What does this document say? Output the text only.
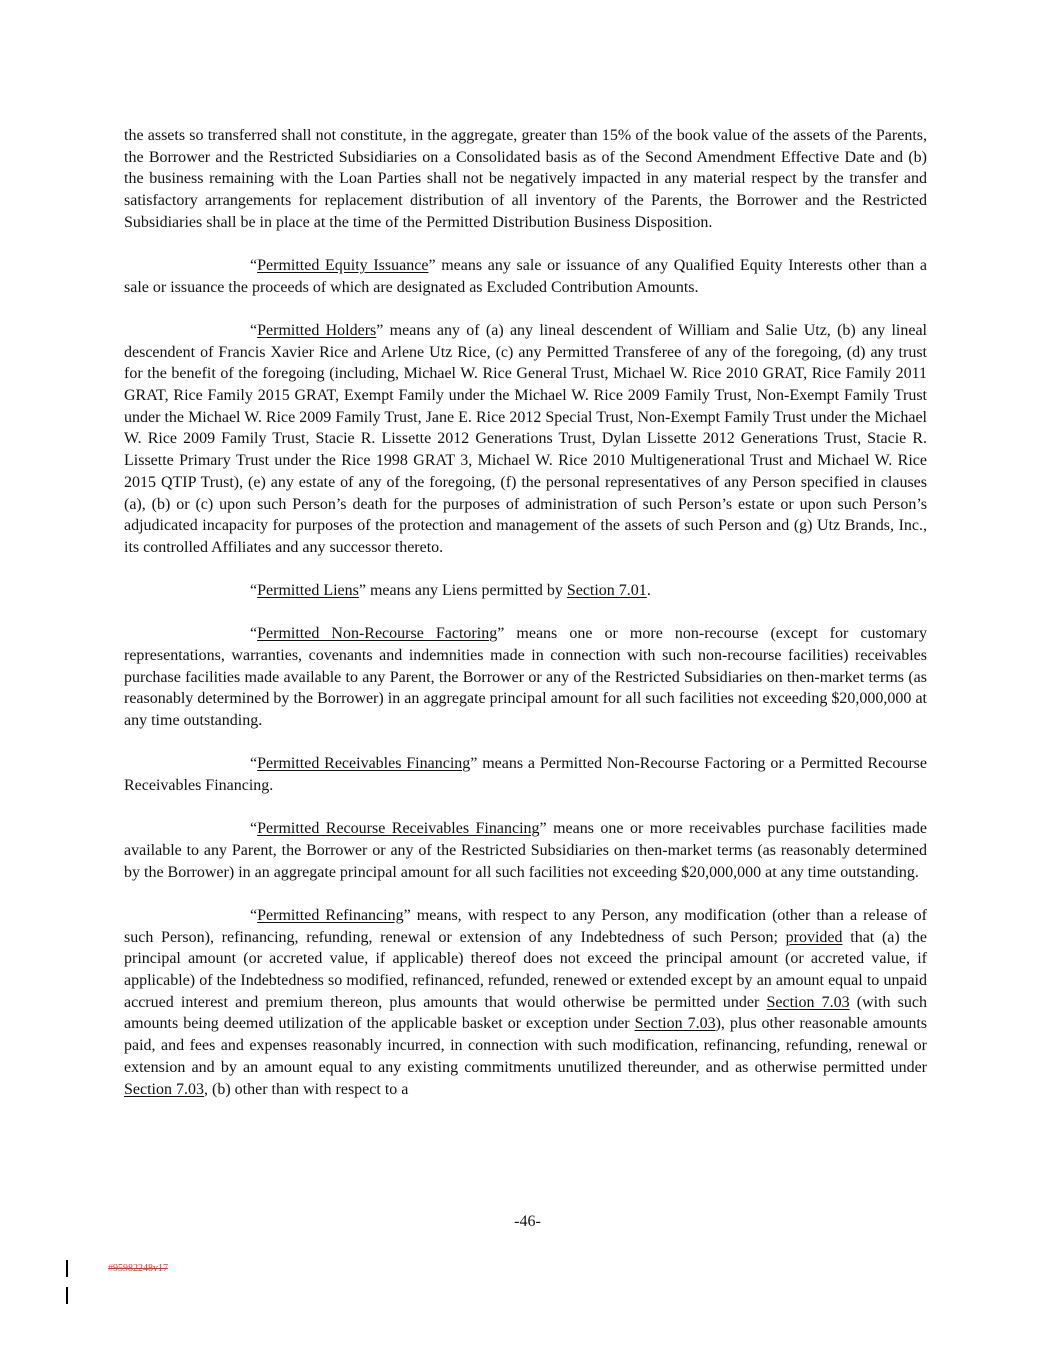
the assets so transferred shall not constitute, in the aggregate, greater than 15% of the book value of the assets of the Parents, the Borrower and the Restricted Subsidiaries on a Consolidated basis as of the Second Amendment Effective Date and (b) the business remaining with the Loan Parties shall not be negatively impacted in any material respect by the transfer and satisfactory arrangements for replacement distribution of all inventory of the Parents, the Borrower and the Restricted Subsidiaries shall be in place at the time of the Permitted Distribution Business Disposition.

“Permitted Equity Issuance” means any sale or issuance of any Qualified Equity Interests other than a sale or issuance the proceeds of which are designated as Excluded Contribution Amounts.

“Permitted Holders” means any of (a) any lineal descendent of William and Salie Utz, (b) any lineal descendent of Francis Xavier Rice and Arlene Utz Rice, (c) any Permitted Transferee of any of the foregoing, (d) any trust for the benefit of the foregoing (including, Michael W. Rice General Trust, Michael W. Rice 2010 GRAT, Rice Family 2011 GRAT, Rice Family 2015 GRAT, Exempt Family under the Michael W. Rice 2009 Family Trust, Non-Exempt Family Trust under the Michael W. Rice 2009 Family Trust, Jane E. Rice 2012 Special Trust, Non-Exempt Family Trust under the Michael W. Rice 2009 Family Trust, Stacie R. Lissette 2012 Generations Trust, Dylan Lissette 2012 Generations Trust, Stacie R. Lissette Primary Trust under the Rice 1998 GRAT 3, Michael W. Rice 2010 Multigenerational Trust and Michael W. Rice 2015 QTIP Trust), (e) any estate of any of the foregoing, (f) the personal representatives of any Person specified in clauses (a), (b) or (c) upon such Person’s death for the purposes of administration of such Person’s estate or upon such Person’s adjudicated incapacity for purposes of the protection and management of the assets of such Person and (g) Utz Brands, Inc., its controlled Affiliates and any successor thereto.

“Permitted Liens” means any Liens permitted by Section 7.01.

“Permitted Non-Recourse Factoring” means one or more non-recourse (except for customary representations, warranties, covenants and indemnities made in connection with such non-recourse facilities) receivables purchase facilities made available to any Parent, the Borrower or any of the Restricted Subsidiaries on then-market terms (as reasonably determined by the Borrower) in an aggregate principal amount for all such facilities not exceeding $20,000,000 at any time outstanding.

“Permitted Receivables Financing” means a Permitted Non-Recourse Factoring or a Permitted Recourse Receivables Financing.

“Permitted Recourse Receivables Financing” means one or more receivables purchase facilities made available to any Parent, the Borrower or any of the Restricted Subsidiaries on then-market terms (as reasonably determined by the Borrower) in an aggregate principal amount for all such facilities not exceeding $20,000,000 at any time outstanding.

“Permitted Refinancing” means, with respect to any Person, any modification (other than a release of such Person), refinancing, refunding, renewal or extension of any Indebtedness of such Person; provided that (a) the principal amount (or accreted value, if applicable) thereof does not exceed the principal amount (or accreted value, if applicable) of the Indebtedness so modified, refinanced, refunded, renewed or extended except by an amount equal to unpaid accrued interest and premium thereon, plus amounts that would otherwise be permitted under Section 7.03 (with such amounts being deemed utilization of the applicable basket or exception under Section 7.03), plus other reasonable amounts paid, and fees and expenses reasonably incurred, in connection with such modification, refinancing, refunding, renewal or extension and by an amount equal to any existing commitments unutilized thereunder, and as otherwise permitted under Section 7.03, (b) other than with respect to a

-46-
#95982248v17
